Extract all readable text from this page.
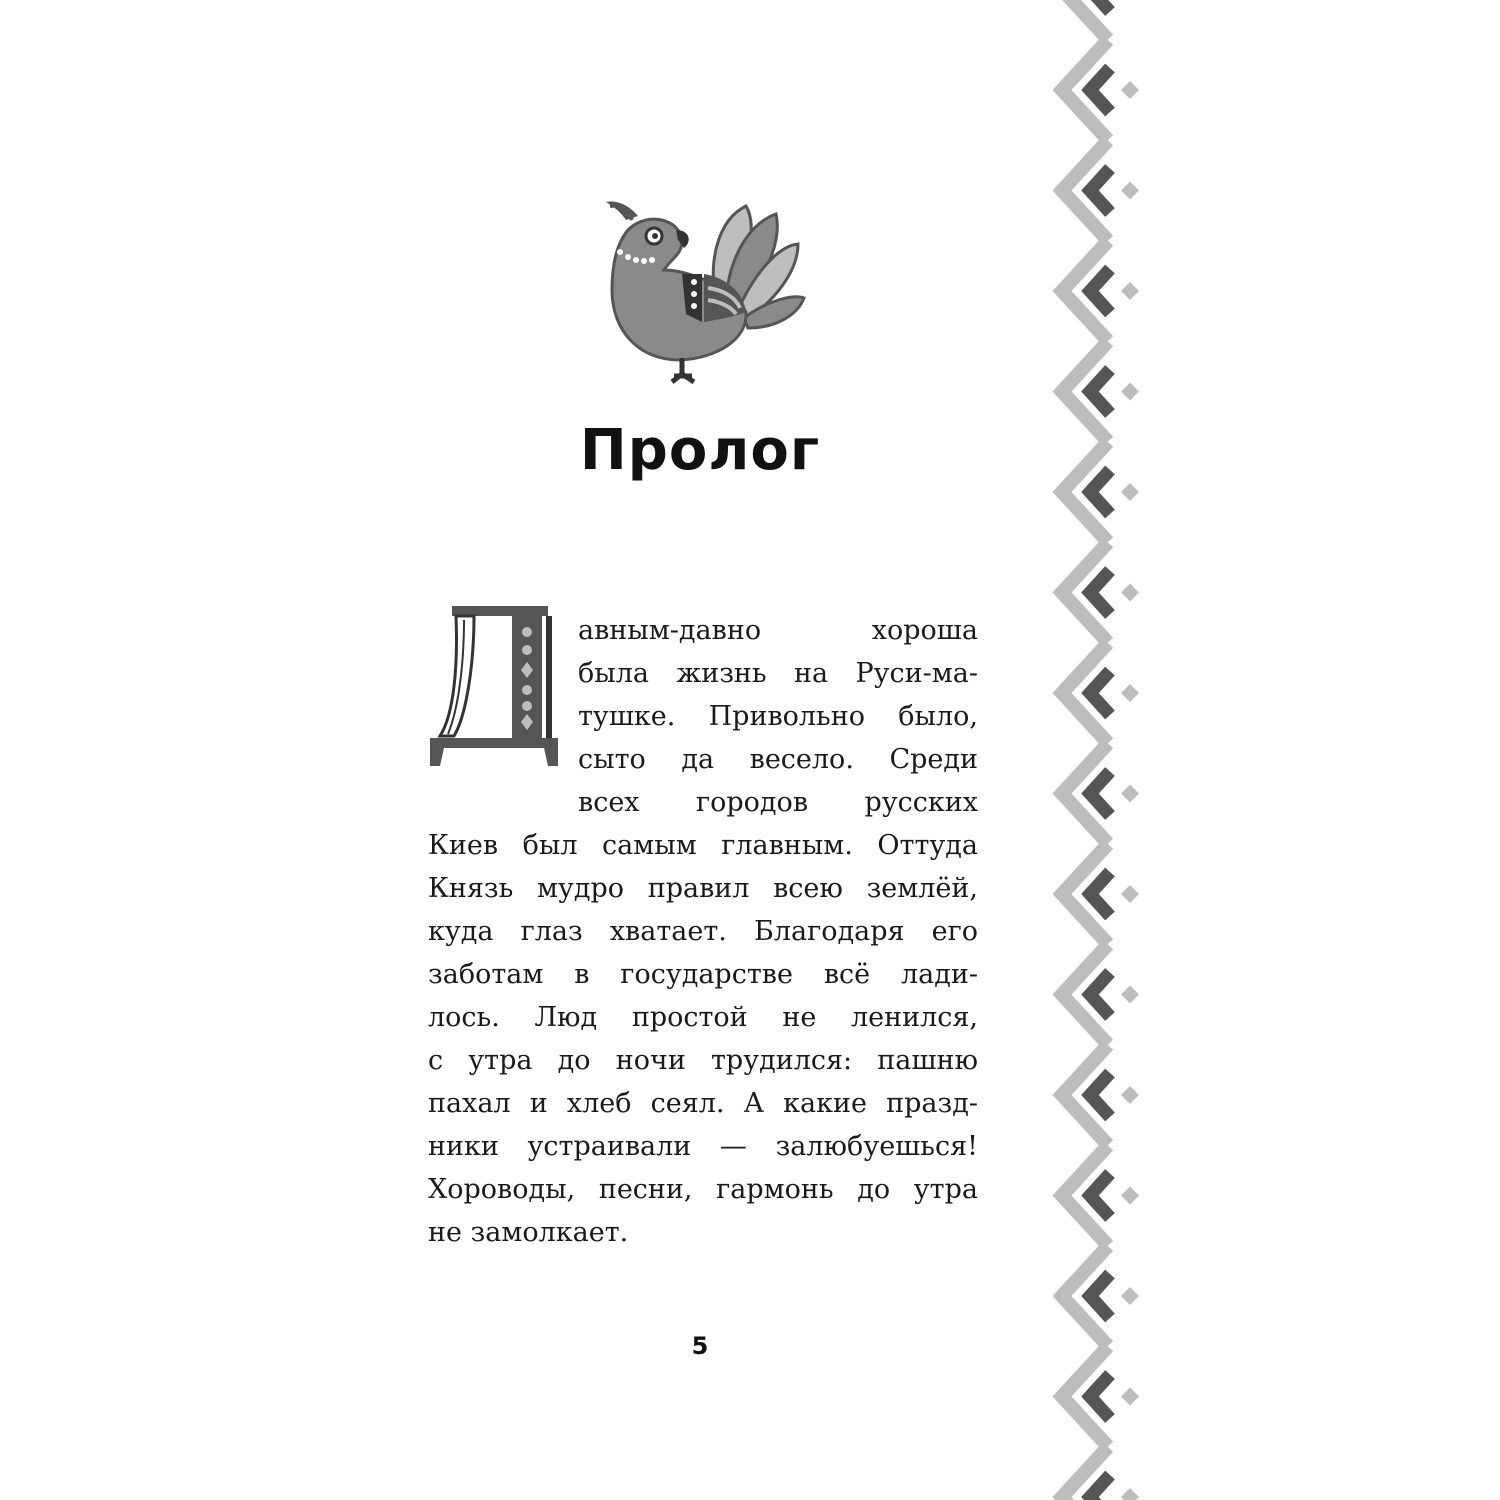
Пролог
Д
авным-давно хороша
была жизнь на Руси-ма-
тушке. Привольно было,
сыто да весело. Среди
всех городов русских
Киев был самым главным. Оттуда
Князь мудро правил всею землёй,
куда глаз хватает. Благодаря его
заботам в государстве всё лади-
лось. Люд простой не ленился,
с утра до ночи трудился: пашню
пахал и хлеб сеял. А какие празд-
ники устраивали — залюбуешься!
Хороводы, песни, гармонь до утра
не замолкает.
5
